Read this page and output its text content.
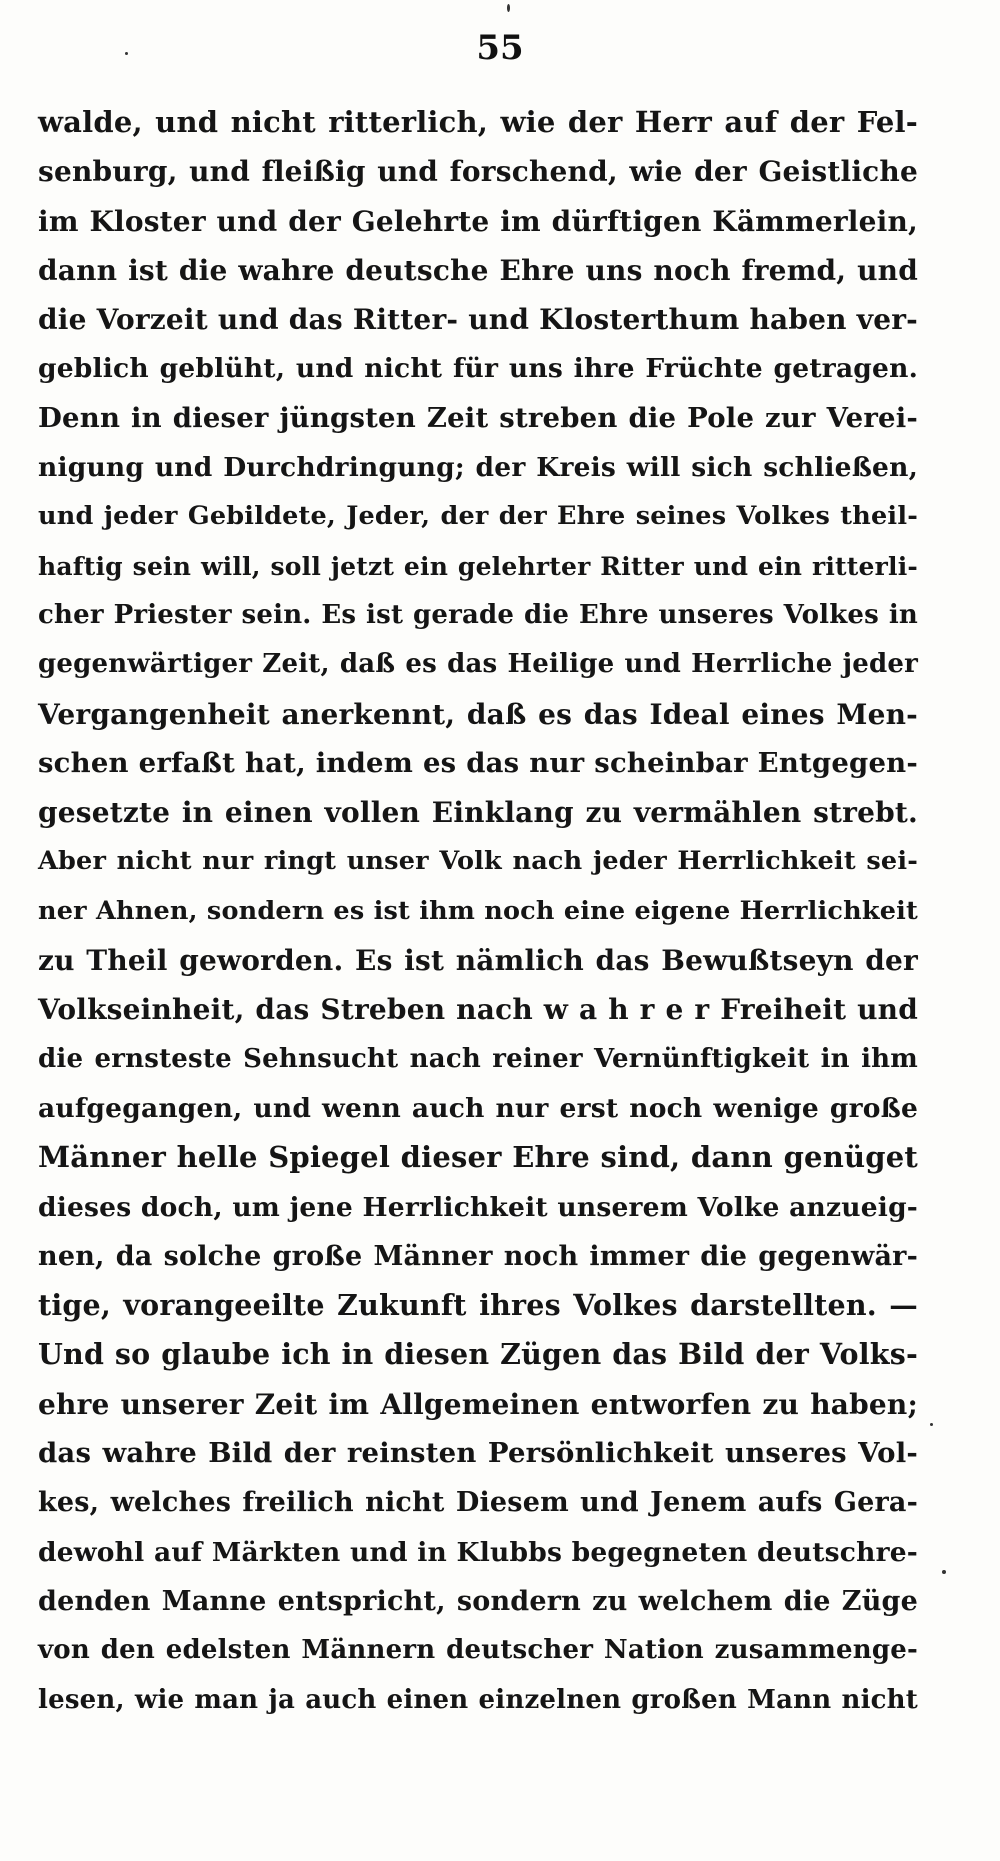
55
walde, und nicht ritterlich, wie der Herr auf der Fel-
senburg, und fleißig und forschend, wie der Geistliche
im Kloster und der Gelehrte im dürftigen Kämmerlein,
dann ist die wahre deutsche Ehre uns noch fremd, und
die Vorzeit und das Ritter- und Klosterthum haben ver-
geblich geblüht, und nicht für uns ihre Früchte getragen.
Denn in dieser jüngsten Zeit streben die Pole zur Verei-
nigung und Durchdringung; der Kreis will sich schließen,
und jeder Gebildete, Jeder, der der Ehre seines Volkes theil-
haftig sein will, soll jetzt ein gelehrter Ritter und ein ritterli-
cher Priester sein. Es ist gerade die Ehre unseres Volkes in
gegenwärtiger Zeit, daß es das Heilige und Herrliche jeder
Vergangenheit anerkennt, daß es das Ideal eines Men-
schen erfaßt hat, indem es das nur scheinbar Entgegen-
gesetzte in einen vollen Einklang zu vermählen strebt.
Aber nicht nur ringt unser Volk nach jeder Herrlichkeit sei-
ner Ahnen, sondern es ist ihm noch eine eigene Herrlichkeit
zu Theil geworden. Es ist nämlich das Bewußtseyn der
Volkseinheit, das Streben nach w a h r e r Freiheit und
die ernsteste Sehnsucht nach reiner Vernünftigkeit in ihm
aufgegangen, und wenn auch nur erst noch wenige große
Männer helle Spiegel dieser Ehre sind, dann genüget
dieses doch, um jene Herrlichkeit unserem Volke anzueig-
nen, da solche große Männer noch immer die gegenwär-
tige, vorangeeilte Zukunft ihres Volkes darstellten. —
Und so glaube ich in diesen Zügen das Bild der Volks-
ehre unserer Zeit im Allgemeinen entworfen zu haben;
das wahre Bild der reinsten Persönlichkeit unseres Vol-
kes, welches freilich nicht Diesem und Jenem aufs Gera-
dewohl auf Märkten und in Klubbs begegneten deutschre-
denden Manne entspricht, sondern zu welchem die Züge
von den edelsten Männern deutscher Nation zusammenge-
lesen, wie man ja auch einen einzelnen großen Mann nicht
